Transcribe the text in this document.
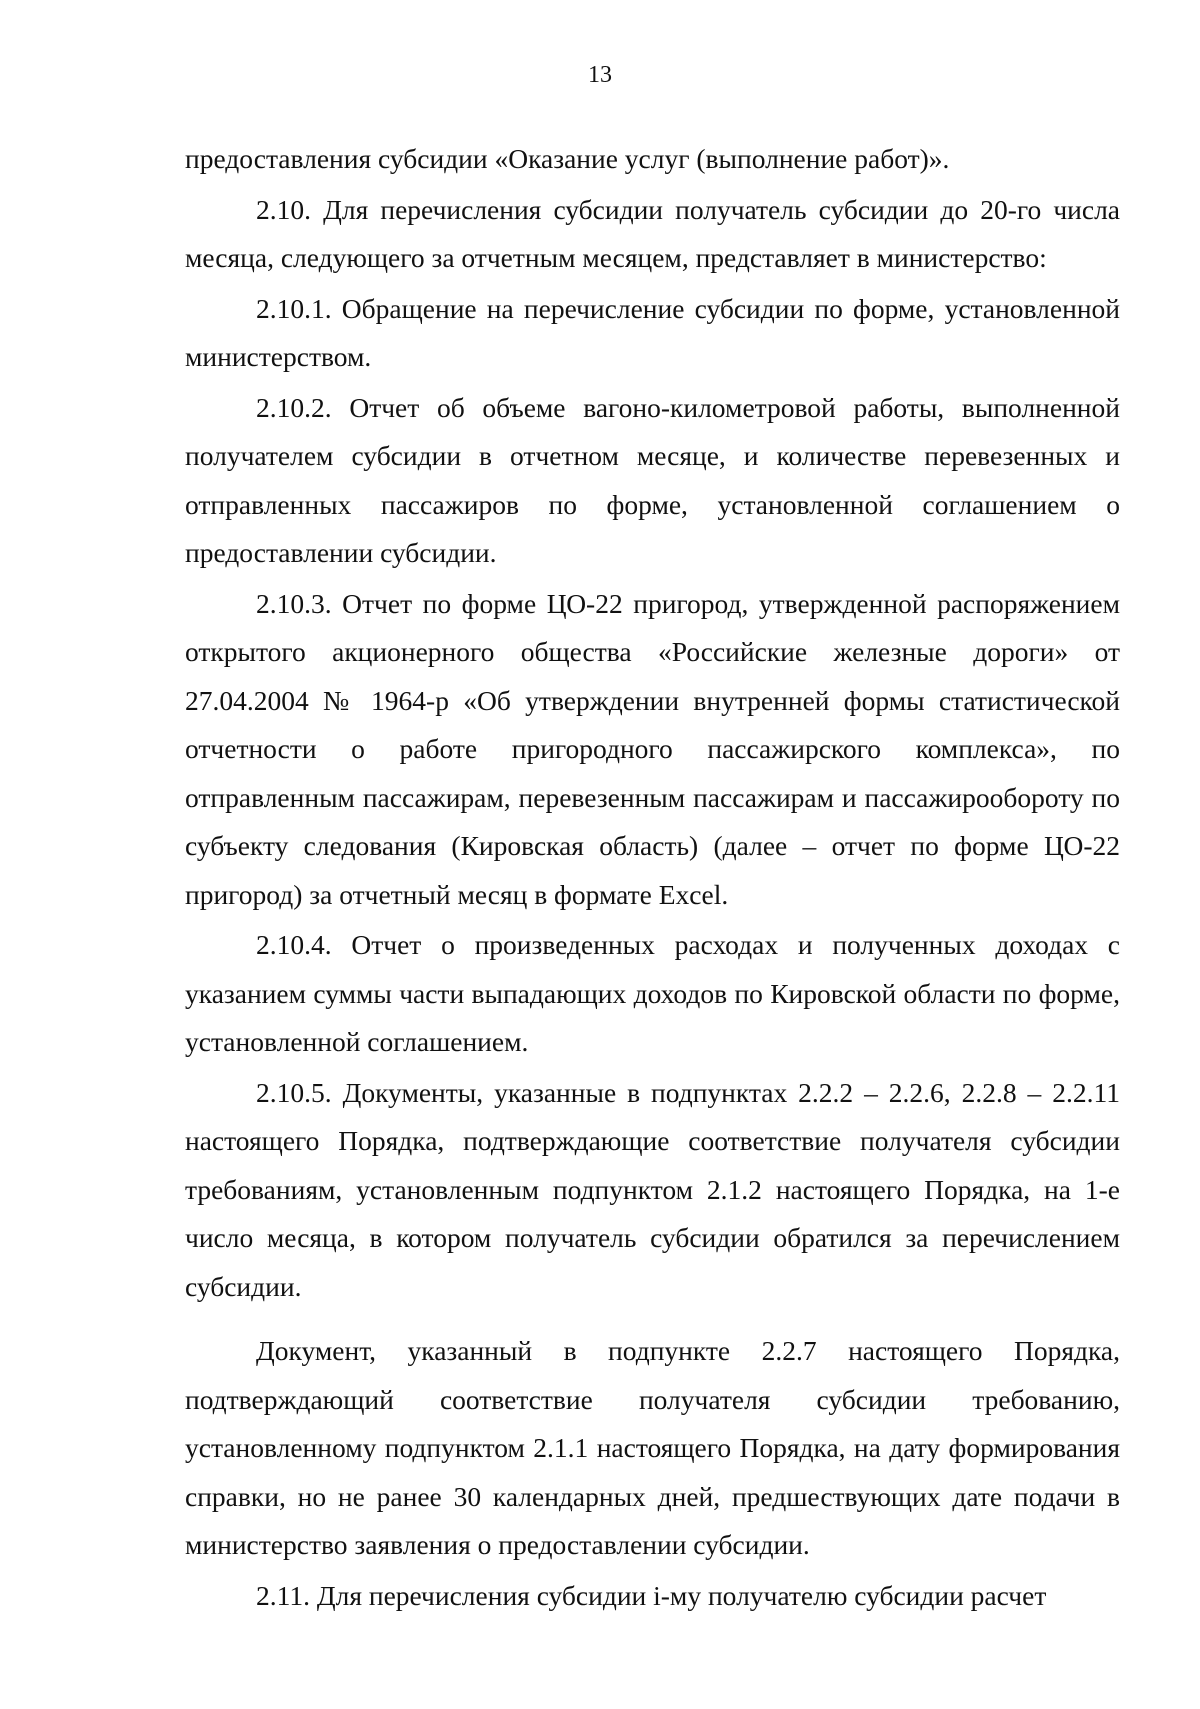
13

предоставления субсидии «Оказание услуг (выполнение работ)».

2.10. Для перечисления субсидии получатель субсидии до 20-го числа месяца, следующего за отчетным месяцем, представляет в министерство:

2.10.1. Обращение на перечисление субсидии по форме, установленной министерством.

2.10.2. Отчет об объеме вагоно-километровой работы, выполненной получателем субсидии в отчетном месяце, и количестве перевезенных и отправленных пассажиров по форме, установленной соглашением о предоставлении субсидии.

2.10.3. Отчет по форме ЦО-22 пригород, утвержденной распоряжением открытого акционерного общества «Российские железные дороги» от 27.04.2004 № 1964-р «Об утверждении внутренней формы статистической отчетности о работе пригородного пассажирского комплекса», по отправленным пассажирам, перевезенным пассажирам и пассажирообороту по субъекту следования (Кировская область) (далее – отчет по форме ЦО-22 пригород) за отчетный месяц в формате Excel.

2.10.4. Отчет о произведенных расходах и полученных доходах с указанием суммы части выпадающих доходов по Кировской области по форме, установленной соглашением.

2.10.5. Документы, указанные в подпунктах 2.2.2 – 2.2.6, 2.2.8 – 2.2.11 настоящего Порядка, подтверждающие соответствие получателя субсидии требованиям, установленным подпунктом 2.1.2 настоящего Порядка, на 1-е число месяца, в котором получатель субсидии обратился за перечислением субсидии.

Документ, указанный в подпункте 2.2.7 настоящего Порядка, подтверждающий соответствие получателя субсидии требованию, установленному подпунктом 2.1.1 настоящего Порядка, на дату формирования справки, но не ранее 30 календарных дней, предшествующих дате подачи в министерство заявления о предоставлении субсидии.

2.11. Для перечисления субсидии i-му получателю субсидии расчет
